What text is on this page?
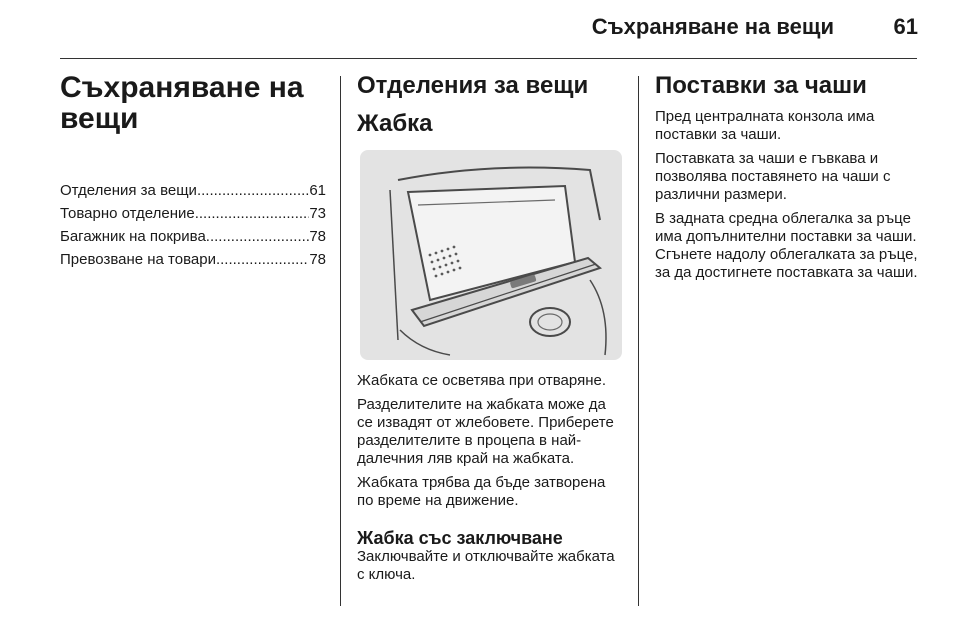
Съхраняване на вещи	61
Съхраняване на вещи
Отделения за вещи .....	61
Товарно отделение .....	73
Багажник на покрива .....	78
Превозване на товари .....	78
Отделения за вещи
Жабка

Жабката се осветява при отваряне.

Разделителите на жабката може да се извадят от жлебовете. Приберете разделителите в процепа в най-далечния ляв край на жабката.

Жабката трябва да бъде затворена по време на движение.

Жабка със заключване

Заключвайте и отключвайте жабката с ключа.

Поставки за чаши

Пред централната конзола има поставки за чаши.

Поставката за чаши е гъвкава и позволява поставянето на чаши с различни размери.

В задната средна облегалка за ръце има допълнителни поставки за чаши. Сгънете надолу облегалката за ръце, за да достигнете поставката за чаши.
